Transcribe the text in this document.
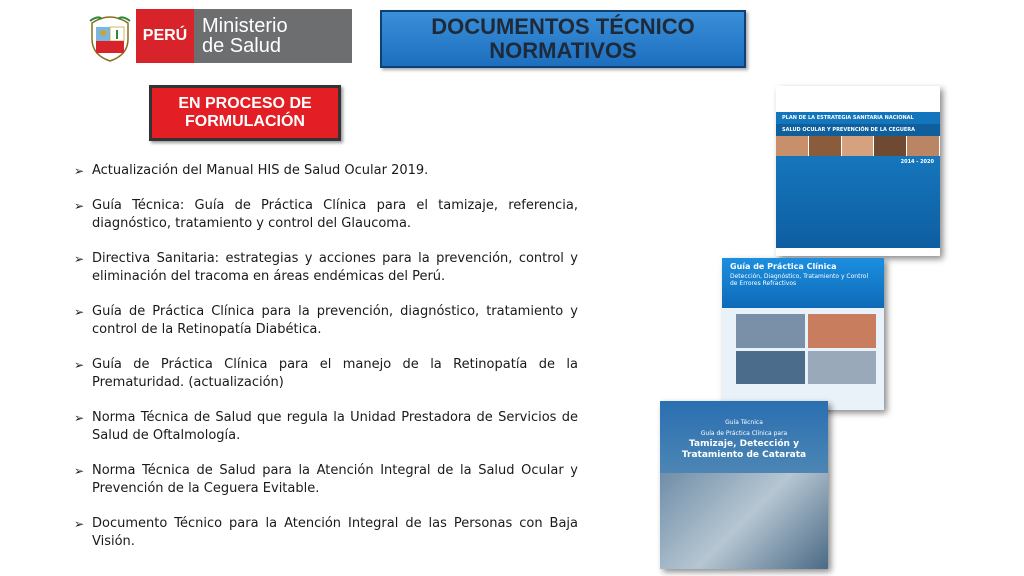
PERÚ Ministerio
de Salud
DOCUMENTOS TÉCNICO
NORMATIVOS
EN PROCESO DE
FORMULACIÓN
➢ Actualización del Manual HIS de Salud Ocular 2019.
➢ Guía Técnica: Guía de Práctica Clínica para el tamizaje, referencia, diagnóstico, tratamiento y control del Glaucoma.
➢ Directiva Sanitaria: estrategias y acciones para la prevención, control y eliminación del tracoma en áreas endémicas del Perú.
➢ Guía de Práctica Clínica para la prevención, diagnóstico, tratamiento y control de la Retinopatía Diabética.
➢ Guía de Práctica Clínica para el manejo de la Retinopatía de la Prematuridad. (actualización)
➢ Norma Técnica de Salud que regula la Unidad Prestadora de Servicios de Salud de Oftalmología.
➢ Norma Técnica de Salud para la Atención Integral de la Salud Ocular y Prevención de la Ceguera Evitable.
➢ Documento Técnico para la Atención Integral de las Personas con Baja Visión.
PLAN DE LA ESTRATEGIA SANITARIA NACIONAL
SALUD OCULAR Y PREVENCIÓN DE LA CEGUERA
2014 - 2020
Guía de Práctica Clínica
Detección, Diagnóstico, Tratamiento y Control de Errores Refractivos
Guía Técnica
Guía de Práctica Clínica para
Tamizaje, Detección y
Tratamiento de Catarata
